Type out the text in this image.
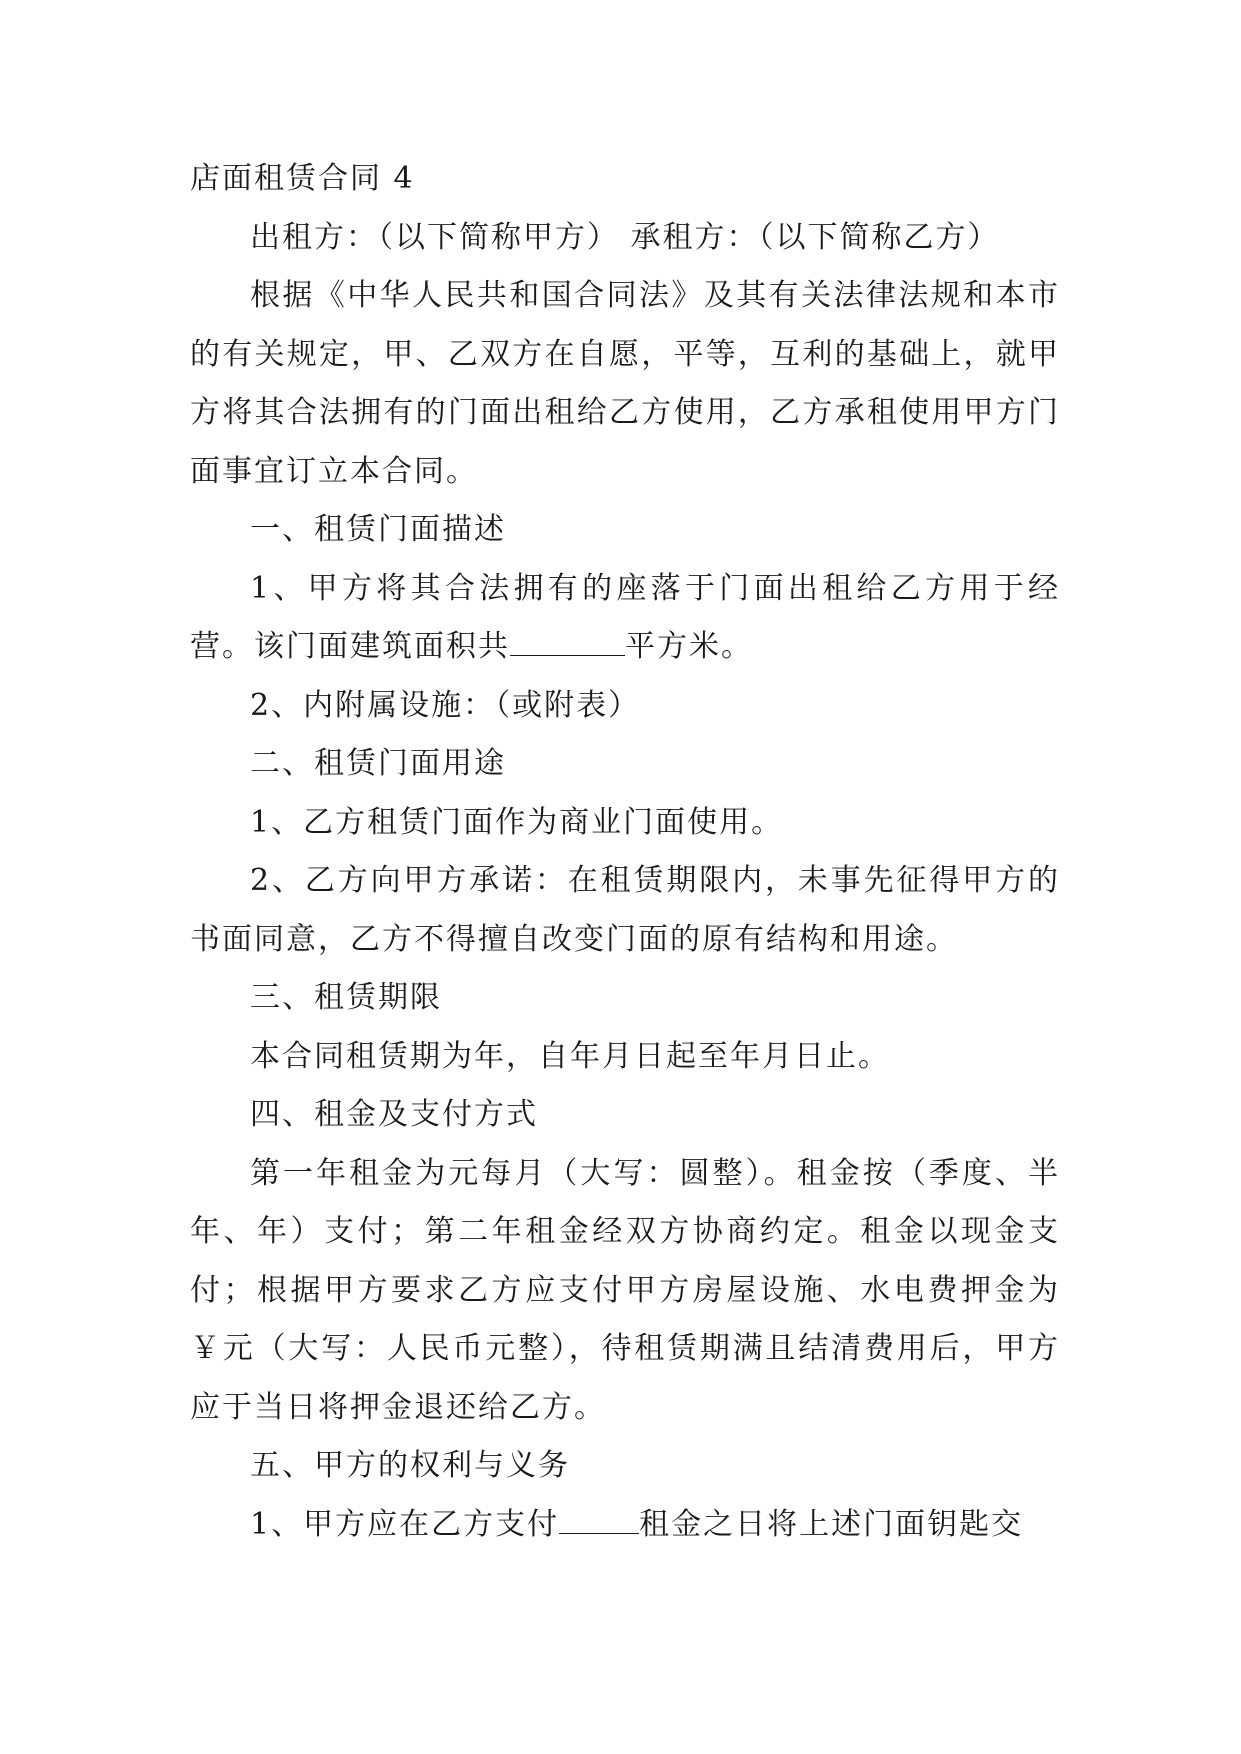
店面租赁合同 4

出租方：（以下简称甲方） 承租方：（以下简称乙方）

根据《中华人民共和国合同法》及其有关法律法规和本市的有关规定，甲、乙双方在自愿，平等，互利的基础上，就甲方将其合法拥有的门面出租给乙方使用，乙方承租使用甲方门面事宜订立本合同。

一、租赁门面描述

1、甲方将其合法拥有的座落于门面出租给乙方用于经营。该门面建筑面积共	平方米。

2、内附属设施：（或附表）

二、租赁门面用途

1、乙方租赁门面作为商业门面使用。

2、乙方向甲方承诺：在租赁期限内，未事先征得甲方的书面同意，乙方不得擅自改变门面的原有结构和用途。

三、租赁期限

本合同租赁期为年，自年月日起至年月日止。

四、租金及支付方式

第一年租金为元每月（大写：圆整）。租金按（季度、半年、年）支付；第二年租金经双方协商约定。租金以现金支付；根据甲方要求乙方应支付甲方房屋设施、水电费押金为￥元（大写：人民币元整），待租赁期满且结清费用后，甲方应于当日将押金退还给乙方。

五、甲方的权利与义务

1、甲方应在乙方支付	租金之日将上述门面钥匙交
